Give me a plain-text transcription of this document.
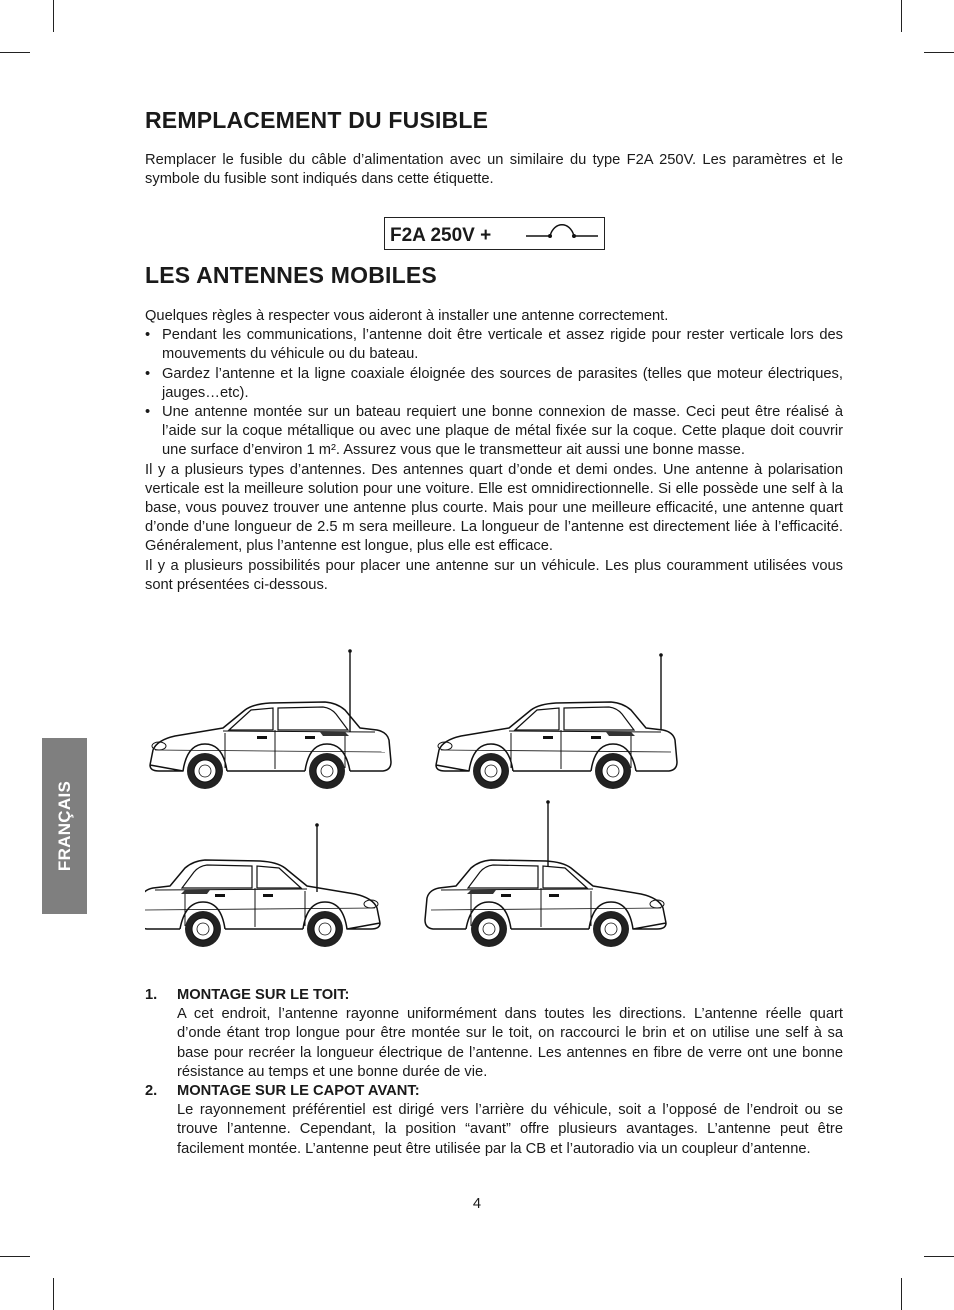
FRANÇAIS
REMPLACEMENT DU FUSIBLE

Remplacer le fusible du câble d’alimentation avec un similaire du type F2A 250V. Les paramètres et le symbole du fusible sont indiqués dans cette étiquette.

F2A 250V +
LES ANTENNES MOBILES

Quelques règles à respecter vous aideront à installer une antenne correctement.

• Pendant les communications, l’antenne doit être verticale et assez rigide pour rester verticale lors des mouvements du véhicule ou du bateau.
• Gardez l’antenne et la ligne coaxiale éloignée des sources de parasites (telles que moteur électriques, jauges…etc).
• Une antenne montée sur un bateau requiert une bonne connexion de masse. Ceci peut être réalisé à l’aide sur la coque métallique ou avec une plaque de métal fixée sur la coque. Cette plaque doit couvrir une surface d’environ 1 m². Assurez vous que le transmetteur ait aussi une bonne masse.

Il y a plusieurs types d’antennes. Des antennes quart d’onde et demi ondes. Une antenne à polarisation verticale est la meilleure solution pour une voiture. Elle est omnidirectionnelle. Si elle possède une self à la base, vous pouvez trouver une antenne plus courte. Mais pour une meilleure efficacité, une antenne quart d’onde d’une longueur de 2.5 m sera meilleure. La longueur de l’antenne est directement liée à l’efficacité. Généralement, plus l’antenne est longue, plus elle est efficace.

Il y a plusieurs possibilités pour placer une antenne sur un véhicule. Les plus couramment utilisées vous sont présentées ci-dessous.

1. MONTAGE SUR LE TOIT:
A cet endroit, l’antenne rayonne uniformément dans toutes les directions. L’antenne réelle quart d’onde étant trop longue pour être montée sur le toit, on raccourci le brin et on utilise une self à sa base pour recréer la longueur électrique de l’antenne. Les antennes en fibre de verre ont une bonne résistance au temps et une bonne durée de vie.
2. MONTAGE SUR LE CAPOT AVANT:
Le rayonnement préférentiel est dirigé vers l’arrière du véhicule, soit a l’opposé de l’endroit ou se trouve l’antenne. Cependant, la position “avant” offre plusieurs avantages. L’antenne peut être facilement montée. L’antenne peut être utilisée par la CB et l’autoradio via un coupleur d’antenne.
4
